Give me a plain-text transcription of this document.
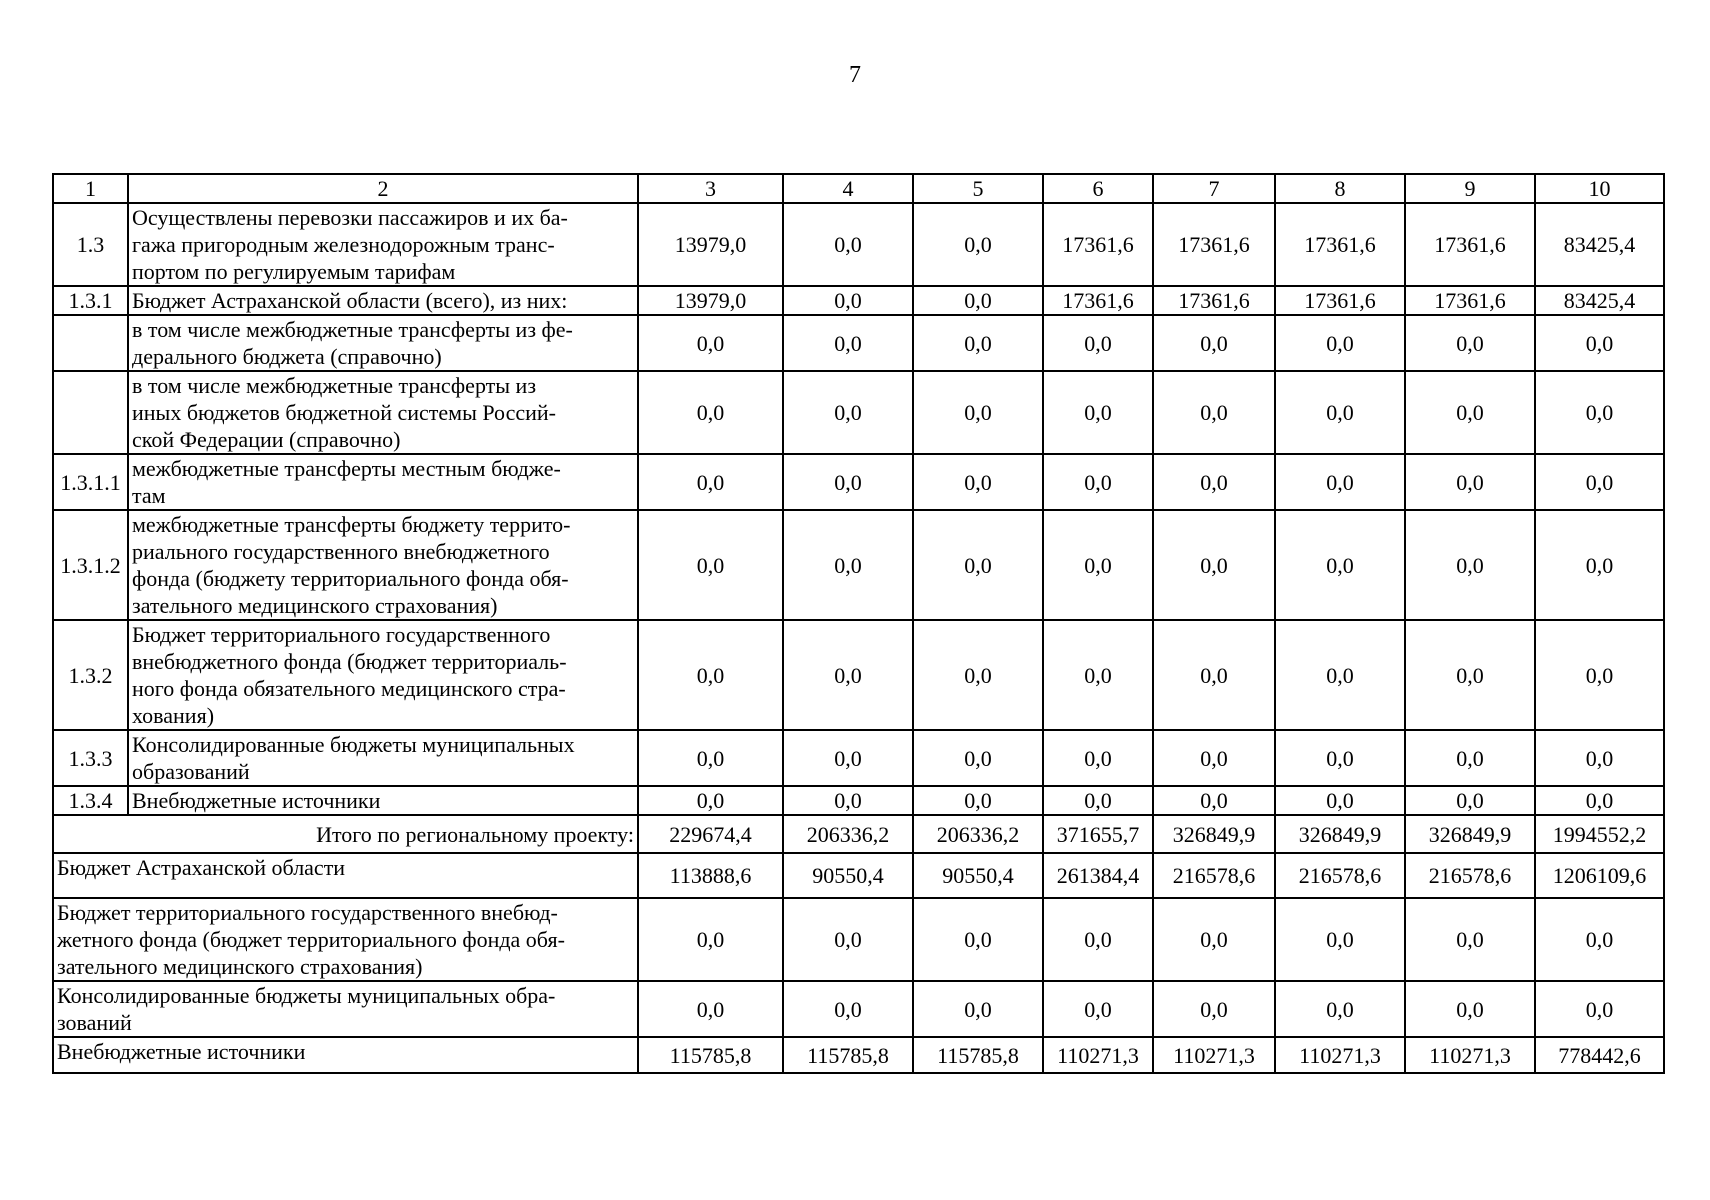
7
1	2	3	4	5	6	7	8	9	10
1.3	Осуществлены перевозки пассажиров и их ба-
гажа пригородным железнодорожным транс-
портом по регулируемым тарифам	13979,0	0,0	0,0	17361,6	17361,6	17361,6	17361,6	83425,4
1.3.1	Бюджет Астраханской области (всего), из них:	13979,0	0,0	0,0	17361,6	17361,6	17361,6	17361,6	83425,4

	в том числе межбюджетные трансферты из фе-
дерального бюджета (справочно)	0,0	0,0	0,0	0,0	0,0	0,0	0,0	0,0

	в том числе межбюджетные трансферты из
иных бюджетов бюджетной системы Россий-
ской Федерации (справочно)	0,0	0,0	0,0	0,0	0,0	0,0	0,0	0,0
1.3.1.1	межбюджетные трансферты местным бюдже-
там	0,0	0,0	0,0	0,0	0,0	0,0	0,0	0,0
1.3.1.2	межбюджетные трансферты бюджету террито-
риального государственного внебюджетного
фонда (бюджету территориального фонда обя-
зательного медицинского страхования)	0,0	0,0	0,0	0,0	0,0	0,0	0,0	0,0
1.3.2	Бюджет территориального государственного
внебюджетного фонда (бюджет территориаль-
ного фонда обязательного медицинского стра-
хования)	0,0	0,0	0,0	0,0	0,0	0,0	0,0	0,0
1.3.3	Консолидированные бюджеты муниципальных
образований	0,0	0,0	0,0	0,0	0,0	0,0	0,0	0,0
1.3.4	Внебюджетные источники	0,0	0,0	0,0	0,0	0,0	0,0	0,0	0,0
Итого по региональному проекту:		229674,4	206336,2	206336,2	371655,7	326849,9	326849,9	326849,9	1994552,2

Бюджет Астраханской области		113888,6	90550,4	90550,4	261384,4	216578,6	216578,6	216578,6	1206109,6

Бюджет территориального государственного внебюд-
жетного фонда (бюджет территориального фонда обя-
зательного медицинского страхования)		0,0	0,0	0,0	0,0	0,0	0,0	0,0	0,0

Консолидированные бюджеты муниципальных обра-
зований		0,0	0,0	0,0	0,0	0,0	0,0	0,0	0,0

Внебюджетные источники		115785,8	115785,8	115785,8	110271,3	110271,3	110271,3	110271,3	778442,6
